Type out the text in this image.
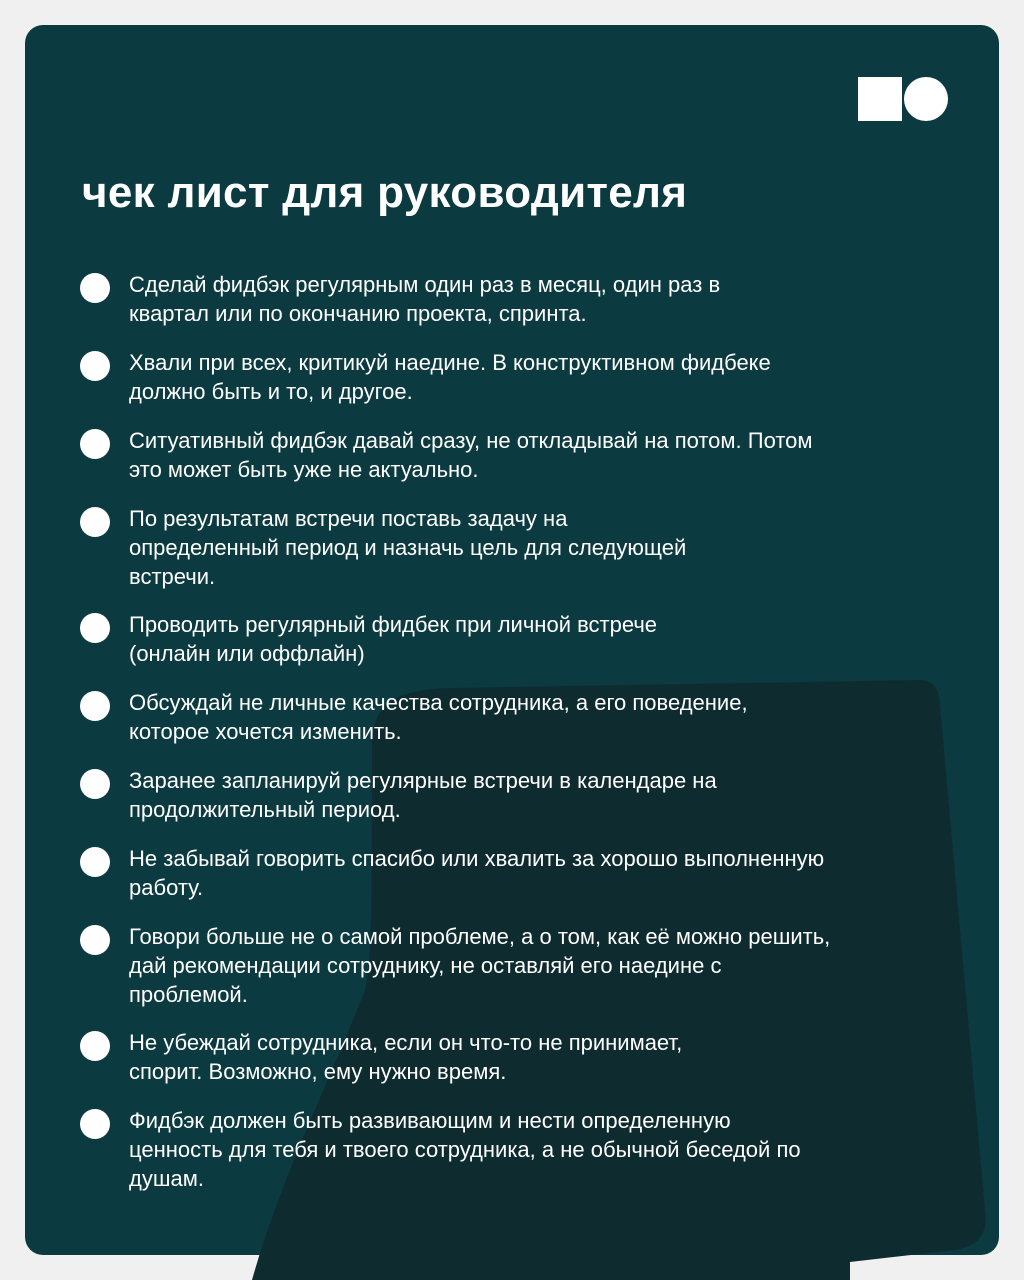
чек лист для руководителя
Сделай фидбэк регулярным один раз в месяц, один раз в
квартал или по окончанию проекта, спринта.
Хвали при всех, критикуй наедине. В конструктивном фидбеке
должно быть и то, и другое.
Ситуативный фидбэк давай сразу, не откладывай на потом. Потом
это может быть уже не актуально.
По результатам встречи поставь задачу на
определенный период и назначь цель для следующей
встречи.
Проводить регулярный фидбек при личной встрече
(онлайн или оффлайн)
Обсуждай не личные качества сотрудника, а его поведение,
которое хочется изменить.
Заранее запланируй регулярные встречи в календаре на
продолжительный период.
Не забывай говорить спасибо или хвалить за хорошо выполненную
работу.
Говори больше не о самой проблеме, а о том, как её можно решить,
дай рекомендации сотруднику, не оставляй его наедине с
проблемой.
Не убеждай сотрудника, если он что-то не принимает,
спорит. Возможно, ему нужно время.
Фидбэк должен быть развивающим и нести определенную
ценность для тебя и твоего сотрудника, а не обычной беседой по
душам.
